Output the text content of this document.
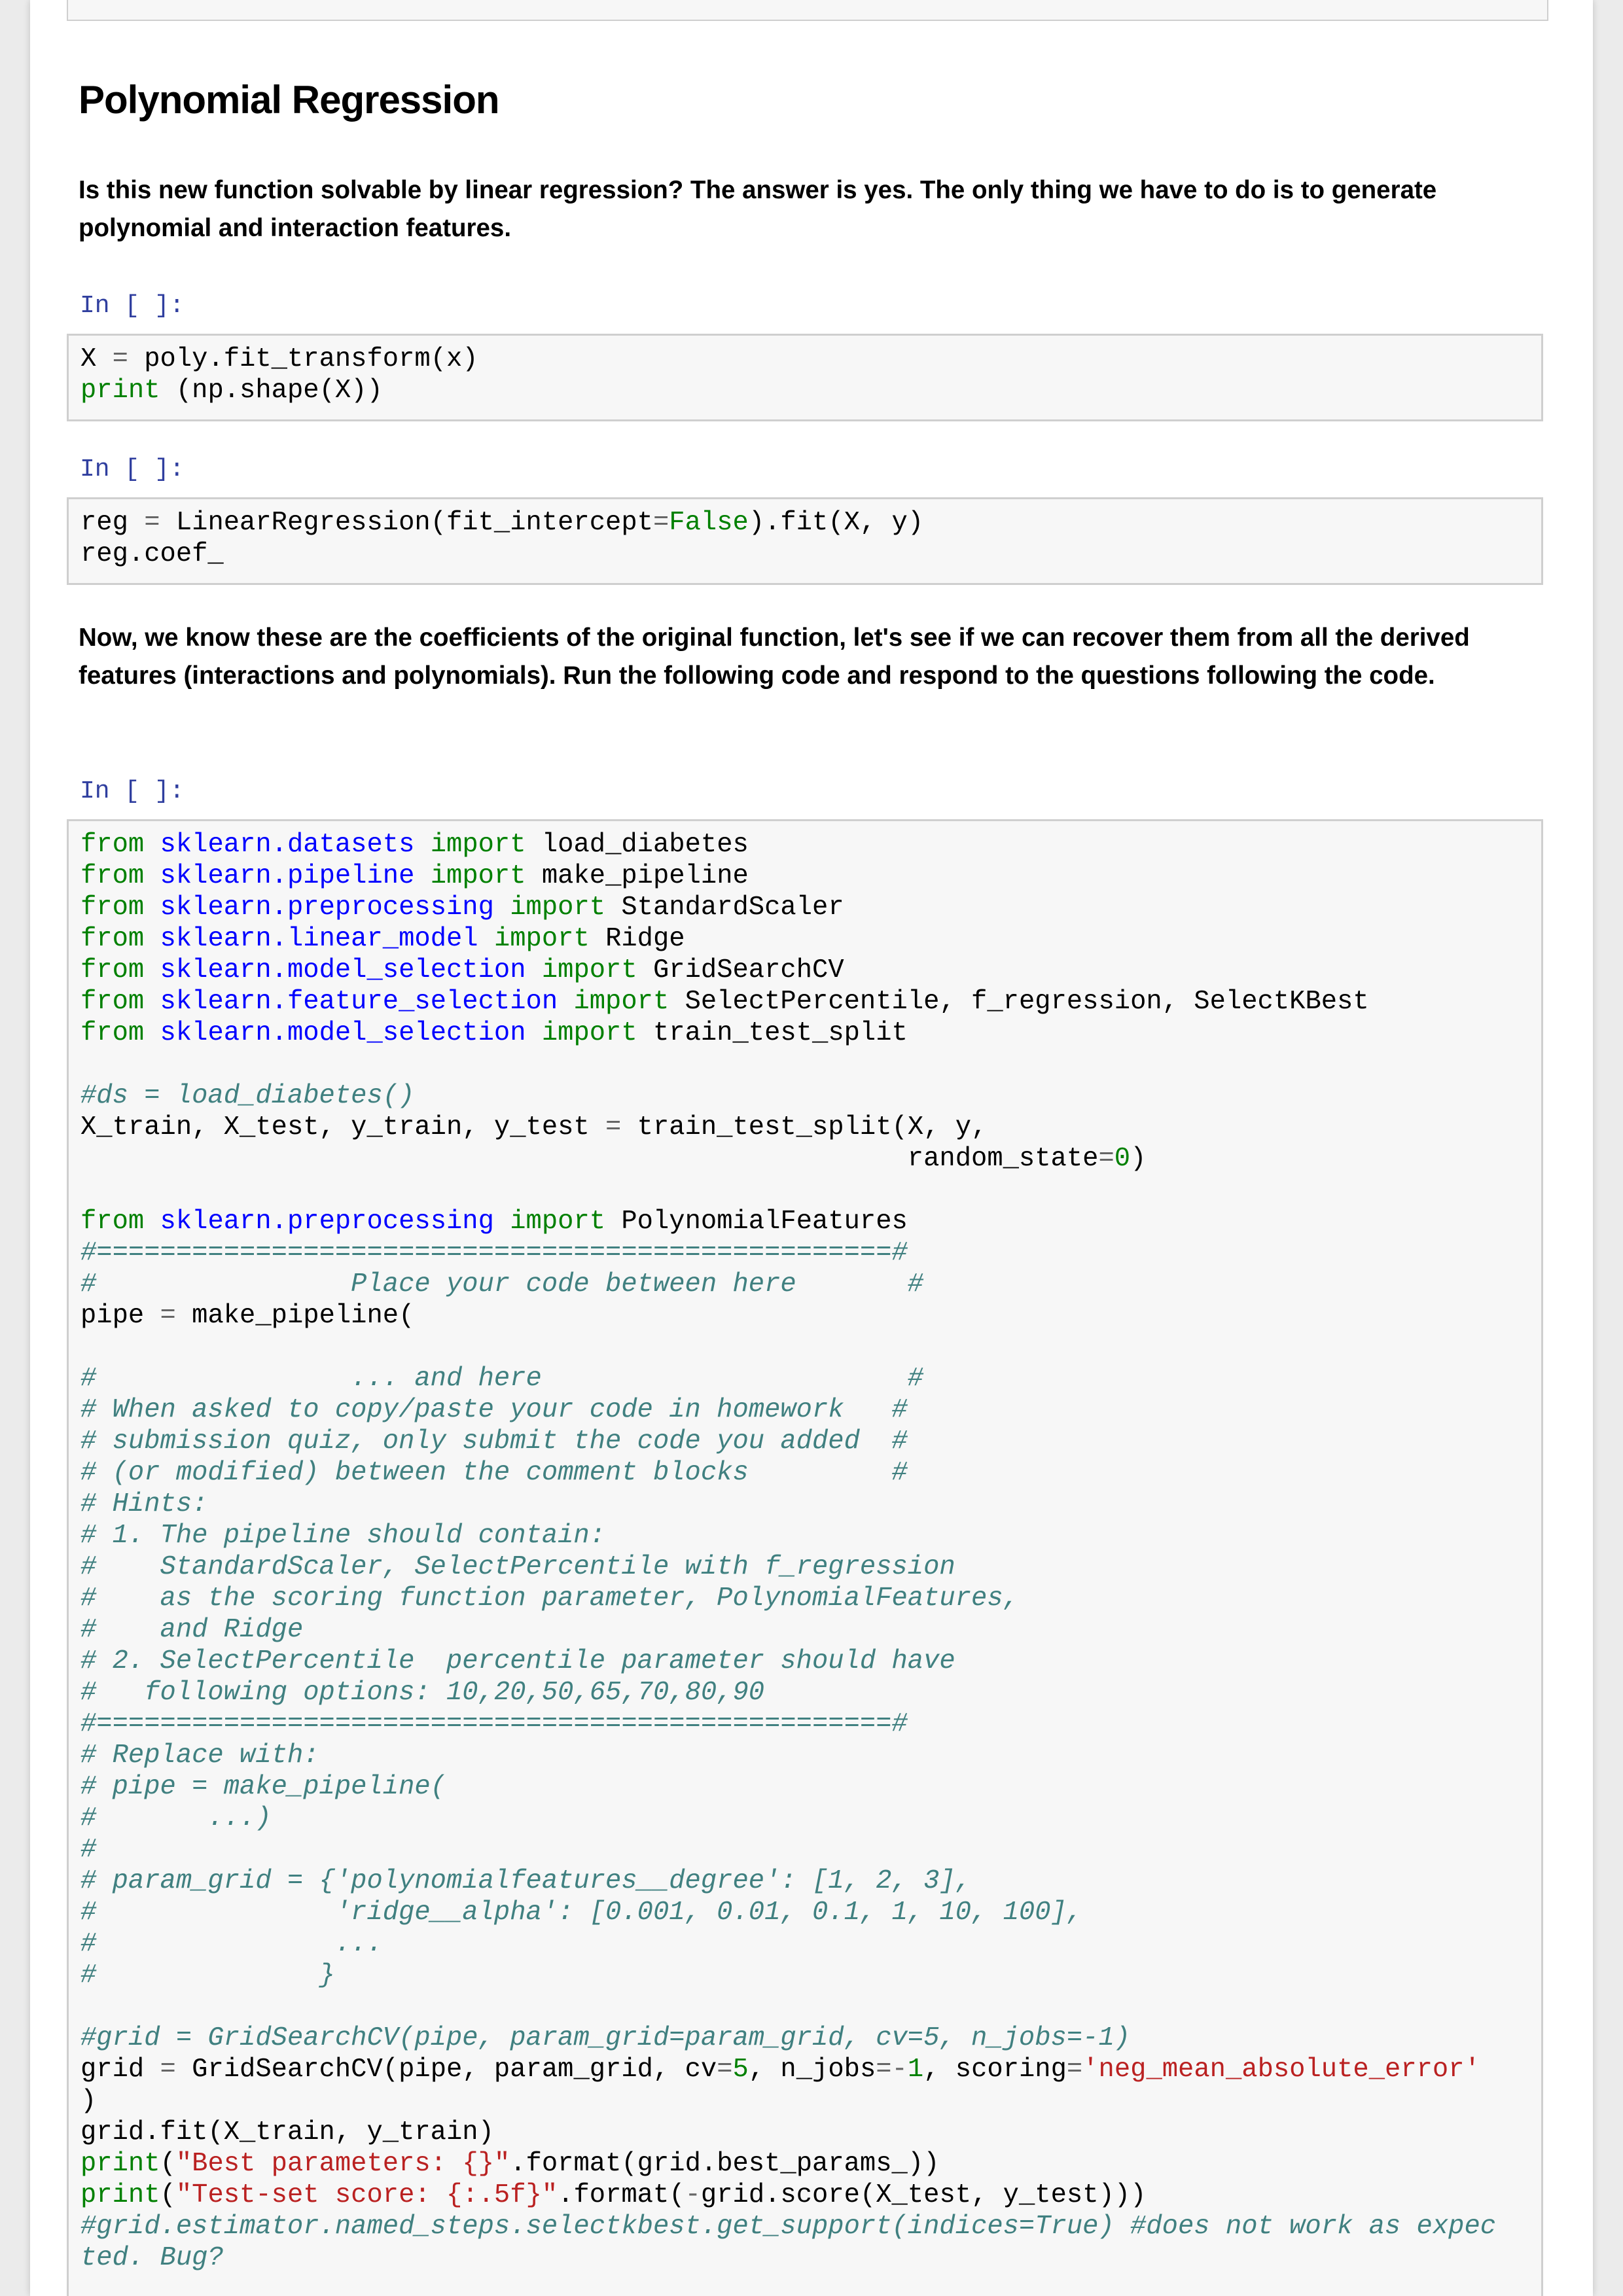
Polynomial Regression

Is this new function solvable by linear regression? The answer is yes. The only thing we have to do is to generate polynomial and interaction features.

In [ ]:

X = poly.fit_transform(x)
print (np.shape(X))

In [ ]:

reg = LinearRegression(fit_intercept=False).fit(X, y)
reg.coef_

Now, we know these are the coefficients of the original function, let's see if we can recover them from all the derived features (interactions and polynomials). Run the following code and respond to the questions following the code.

In [ ]:

from sklearn.datasets import load_diabetes
from sklearn.pipeline import make_pipeline
from sklearn.preprocessing import StandardScaler
from sklearn.linear_model import Ridge
from sklearn.model_selection import GridSearchCV
from sklearn.feature_selection import SelectPercentile, f_regression, SelectKBest
from sklearn.model_selection import train_test_split

#ds = load_diabetes()
X_train, X_test, y_train, y_test = train_test_split(X, y,
random_state=0)

from sklearn.preprocessing import PolynomialFeatures
#==================================================#
#                Place your code between here       #
pipe = make_pipeline(

#                ... and here                       #
# When asked to copy/paste your code in homework   #
# submission quiz, only submit the code you added  #
# (or modified) between the comment blocks         #
# Hints:
# 1. The pipeline should contain:
#    StandardScaler, SelectPercentile with f_regression
#    as the scoring function parameter, PolynomialFeatures,
#    and Ridge
# 2. SelectPercentile  percentile parameter should have
#   following options: 10,20,50,65,70,80,90
#==================================================#
# Replace with:
# pipe = make_pipeline(
#       ...)
#
# param_grid = {'polynomialfeatures__degree': [1, 2, 3],
#               'ridge__alpha': [0.001, 0.01, 0.1, 1, 10, 100],
#               ...
#              }

#grid = GridSearchCV(pipe, param_grid=param_grid, cv=5, n_jobs=-1)
grid = GridSearchCV(pipe, param_grid, cv=5, n_jobs=-1, scoring='neg_mean_absolute_error'
)
grid.fit(X_train, y_train)
print("Best parameters: {}".format(grid.best_params_))
print("Test-set score: {:.5f}".format(-grid.score(X_test, y_test)))
#grid.estimator.named_steps.selectkbest.get_support(indices=True) #does not work as expec
ted. Bug?
